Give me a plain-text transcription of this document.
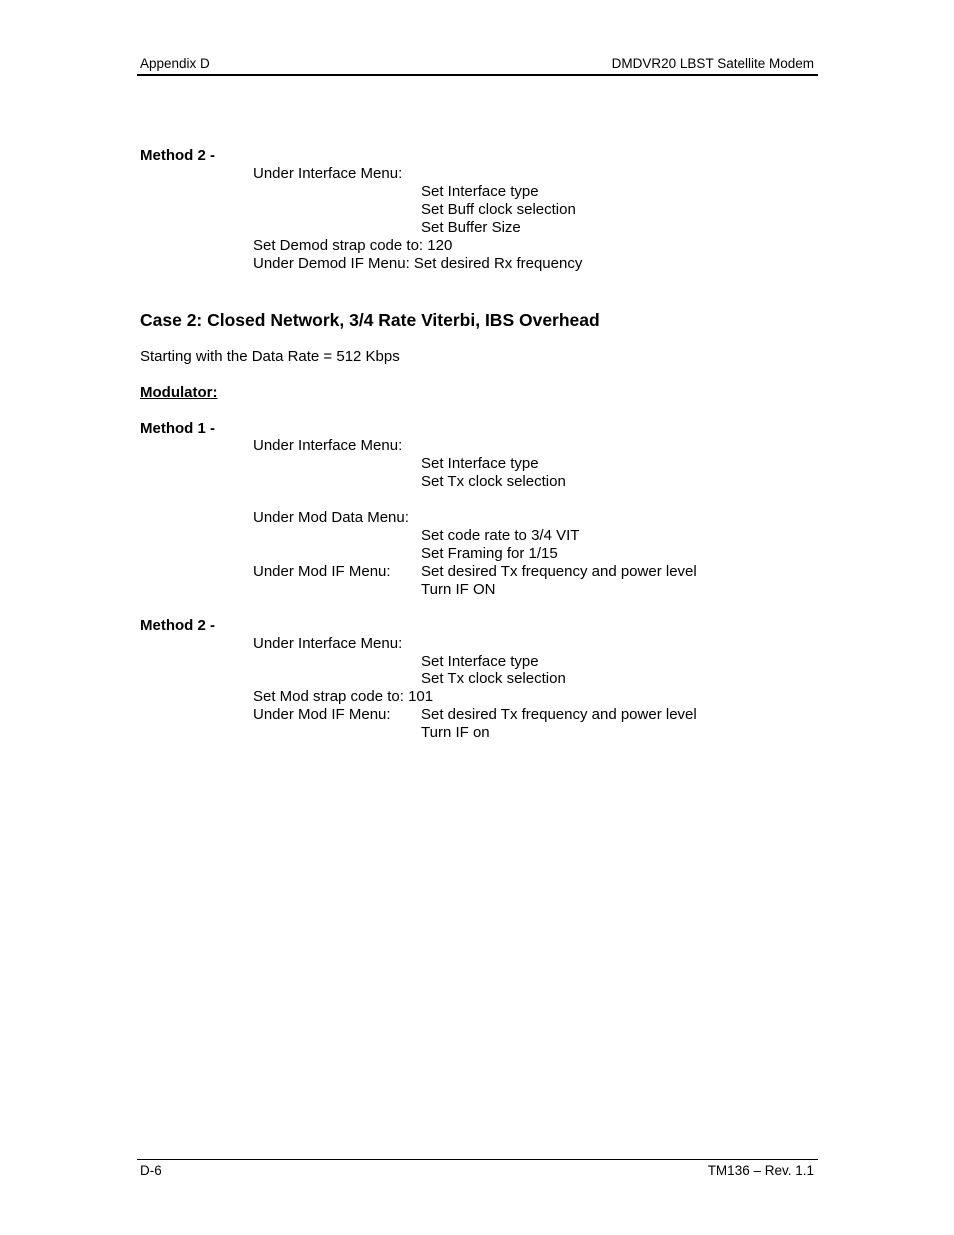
Appendix D	DMDVR20 LBST Satellite Modem
Method 2 -
Under Interface Menu:
Set Interface type
Set Buff clock selection
Set Buffer Size
Set Demod strap code to: 120
Under Demod IF Menu: Set desired Rx frequency
Case 2: Closed Network, 3/4 Rate Viterbi, IBS Overhead
Starting with the Data Rate = 512 Kbps
Modulator:
Method 1 -
Under Interface Menu:
Set Interface type
Set Tx clock selection
Under Mod Data Menu:
Set code rate to 3/4 VIT
Set Framing for 1/15
Under Mod IF Menu: Set desired Tx frequency and power level
Turn IF ON
Method 2 -
Under Interface Menu:
Set Interface type
Set Tx clock selection
Set Mod strap code to: 101
Under Mod IF Menu: Set desired Tx frequency and power level
Turn IF on
D-6	TM136 – Rev. 1.1
